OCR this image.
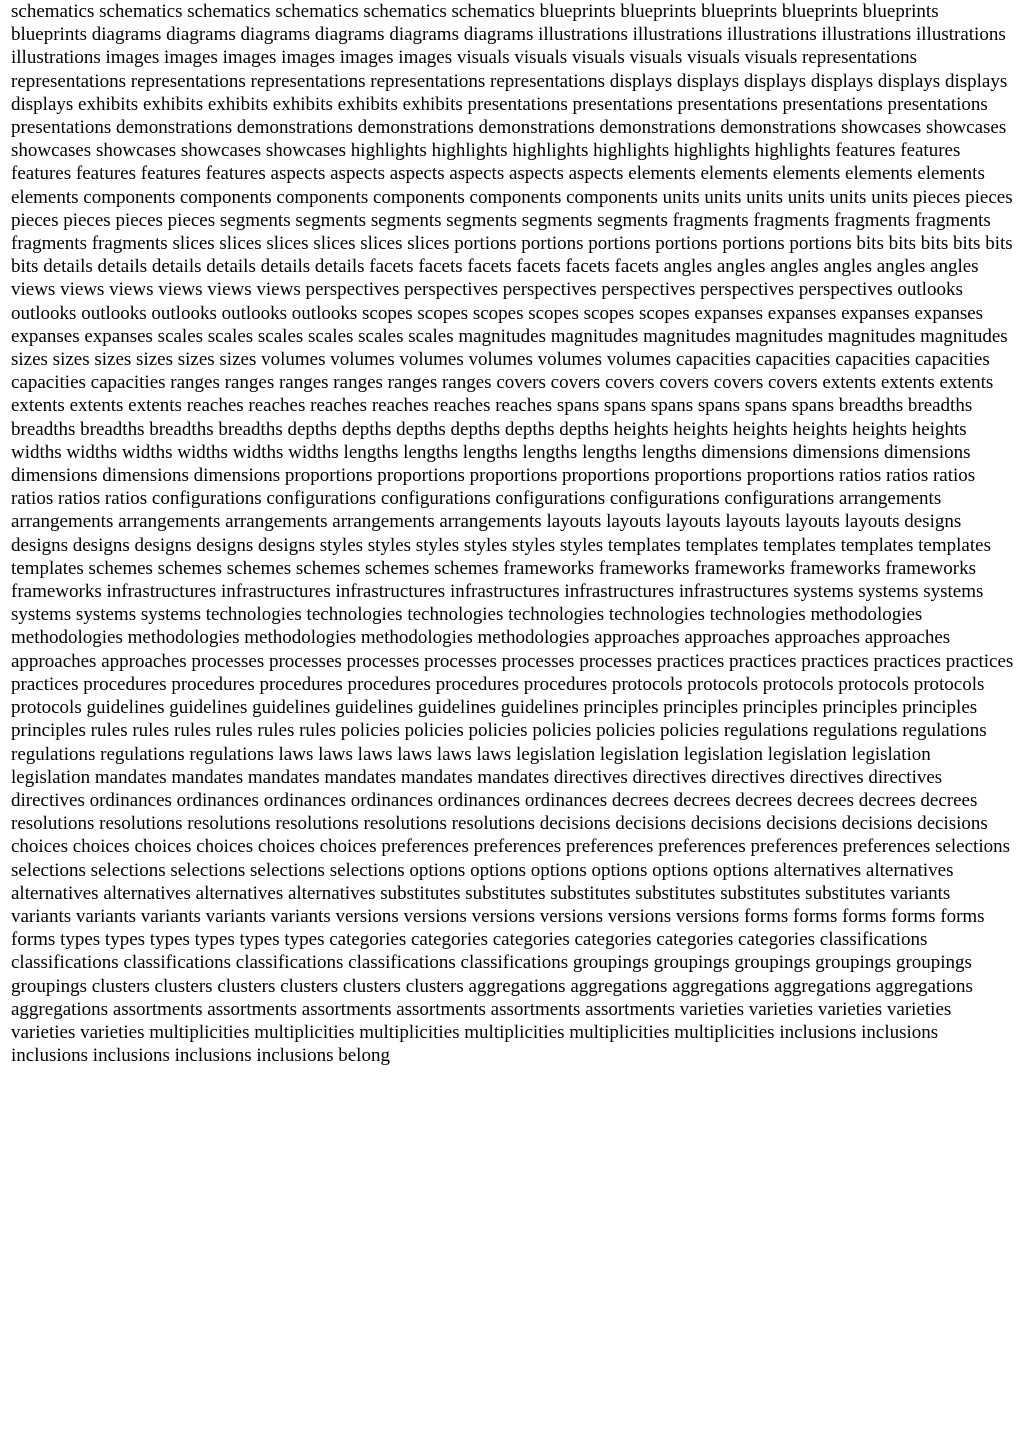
schematics schematics schematics schematics schematics schematics blueprints blueprints blueprints blueprints blueprints blueprints diagrams diagrams diagrams diagrams diagrams diagrams illustrations illustrations illustrations illustrations illustrations illustrations images images images images images images visuals visuals visuals visuals visuals visuals representations representations representations representations representations representations displays displays displays displays displays displays displays exhibits exhibits exhibits exhibits exhibits exhibits presentations presentations presentations presentations presentations presentations demonstrations demonstrations demonstrations demonstrations demonstrations demonstrations showcases showcases showcases showcases showcases showcases highlights highlights highlights highlights highlights highlights features features features features features features aspects aspects aspects aspects aspects aspects elements elements elements elements elements elements components components components components components components units units units units units units pieces pieces pieces pieces pieces pieces segments segments segments segments segments segments fragments fragments fragments fragments fragments fragments slices slices slices slices slices slices portions portions portions portions portions portions bits bits bits bits bits bits details details details details details details facets facets facets facets facets facets angles angles angles angles angles angles views views views views views views perspectives perspectives perspectives perspectives perspectives perspectives outlooks outlooks outlooks outlooks outlooks outlooks scopes scopes scopes scopes scopes scopes expanses expanses expanses expanses expanses expanses scales scales scales scales scales scales magnitudes magnitudes magnitudes magnitudes magnitudes magnitudes sizes sizes sizes sizes sizes sizes volumes volumes volumes volumes volumes volumes capacities capacities capacities capacities capacities capacities ranges ranges ranges ranges ranges ranges covers covers covers covers covers covers extents extents extents extents extents extents reaches reaches reaches reaches reaches reaches spans spans spans spans spans spans breadths breadths breadths breadths breadths breadths depths depths depths depths depths depths heights heights heights heights heights heights widths widths widths widths widths widths lengths lengths lengths lengths lengths lengths dimensions dimensions dimensions dimensions dimensions dimensions proportions proportions proportions proportions proportions proportions ratios ratios ratios ratios ratios ratios configurations configurations configurations configurations configurations configurations arrangements arrangements arrangements arrangements arrangements arrangements layouts layouts layouts layouts layouts layouts designs designs designs designs designs designs styles styles styles styles styles styles templates templates templates templates templates templates schemes schemes schemes schemes schemes schemes frameworks frameworks frameworks frameworks frameworks frameworks infrastructures infrastructures infrastructures infrastructures infrastructures infrastructures systems systems systems systems systems systems technologies technologies technologies technologies technologies technologies methodologies methodologies methodologies methodologies methodologies methodologies approaches approaches approaches approaches approaches approaches processes processes processes processes processes processes practices practices practices practices practices practices procedures procedures procedures procedures procedures procedures protocols protocols protocols protocols protocols protocols guidelines guidelines guidelines guidelines guidelines guidelines principles principles principles principles principles principles rules rules rules rules rules rules policies policies policies policies policies policies regulations regulations regulations regulations regulations regulations laws laws laws laws laws laws legislation legislation legislation legislation legislation legislation mandates mandates mandates mandates mandates mandates directives directives directives directives directives directives ordinances ordinances ordinances ordinances ordinances ordinances decrees decrees decrees decrees decrees decrees resolutions resolutions resolutions resolutions resolutions resolutions decisions decisions decisions decisions decisions decisions choices choices choices choices choices choices preferences preferences preferences preferences preferences preferences selections selections selections selections selections selections options options options options options options alternatives alternatives alternatives alternatives alternatives alternatives substitutes substitutes substitutes substitutes substitutes substitutes variants variants variants variants variants variants versions versions versions versions versions versions forms forms forms forms forms forms types types types types types types categories categories categories categories categories categories classifications classifications classifications classifications classifications classifications groupings groupings groupings groupings groupings groupings clusters clusters clusters clusters clusters clusters aggregations aggregations aggregations aggregations aggregations aggregations assortments assortments assortments assortments assortments assortments varieties varieties varieties varieties varieties varieties multiplicities multiplicities multiplicities multiplicities multiplicities multiplicities inclusions inclusions inclusions inclusions inclusions inclusions belong
